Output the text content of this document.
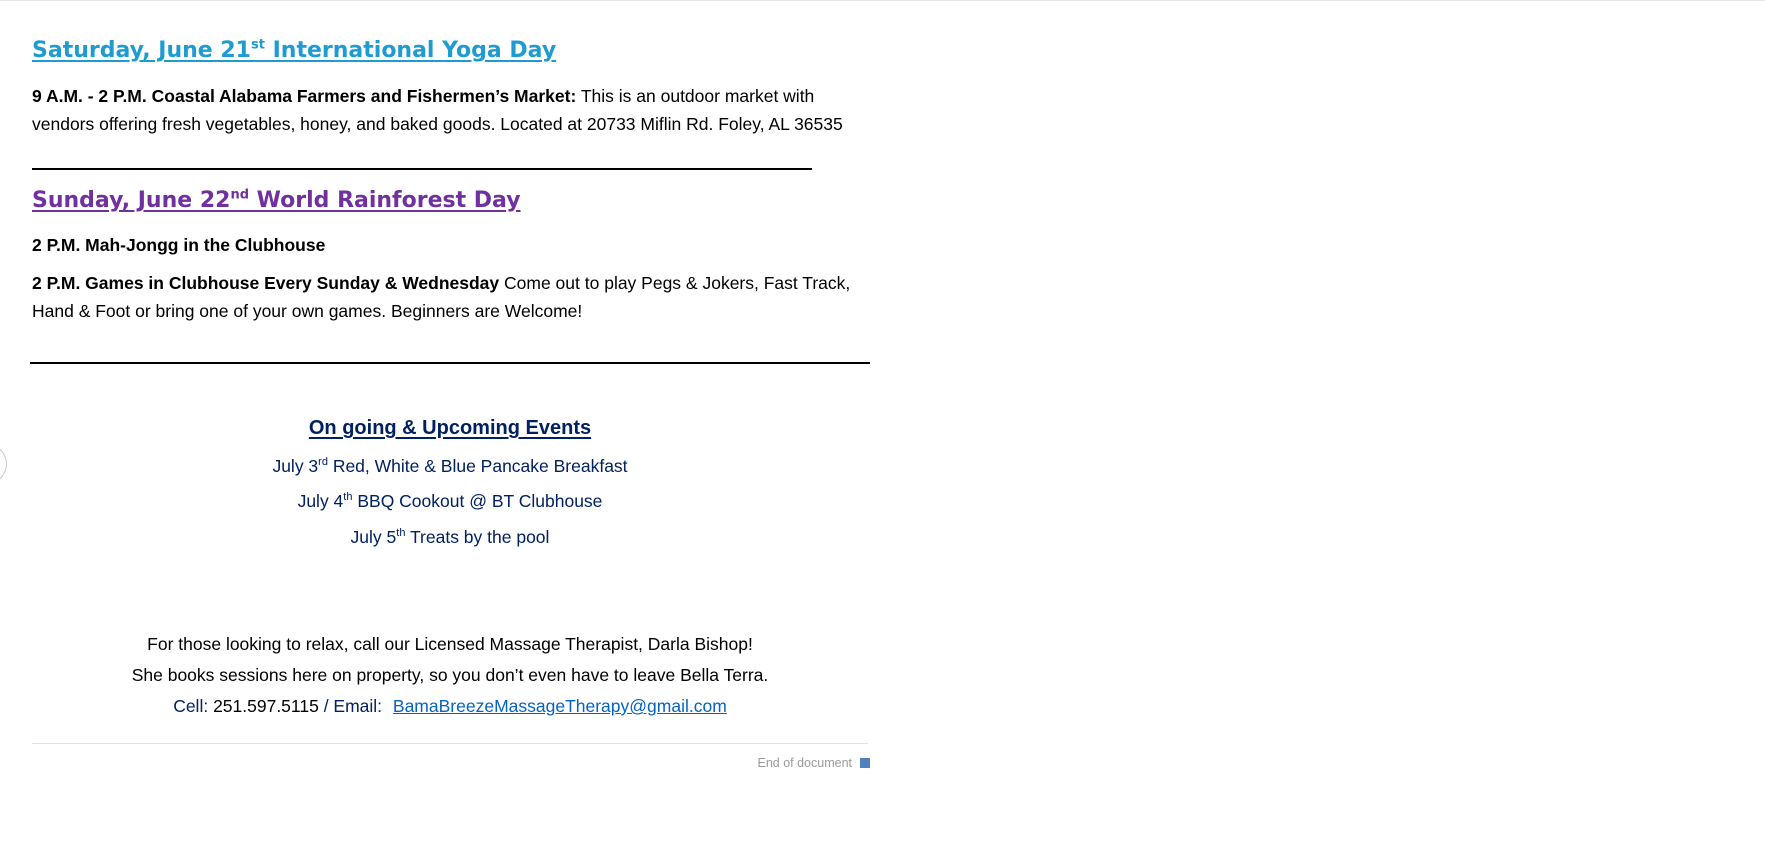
Saturday, June 21st International Yoga Day

9 A.M. - 2 P.M. Coastal Alabama Farmers and Fishermen’s Market: This is an outdoor market with vendors offering fresh vegetables, honey, and baked goods. Located at 20733 Miflin Rd. Foley, AL 36535

Sunday, June 22nd World Rainforest Day

2 P.M. Mah-Jongg in the Clubhouse

2 P.M. Games in Clubhouse Every Sunday & Wednesday Come out to play Pegs & Jokers, Fast Track, Hand & Foot or bring one of your own games. Beginners are Welcome!

On going & Upcoming Events

July 3rd Red, White & Blue Pancake Breakfast

July 4th BBQ Cookout @ BT Clubhouse

July 5th Treats by the pool

For those looking to relax, call our Licensed Massage Therapist, Darla Bishop!

She books sessions here on property, so you don’t even have to leave Bella Terra.

Cell: 251.597.5115 / Email: BamaBreezeMassageTherapy@gmail.com

End of document
